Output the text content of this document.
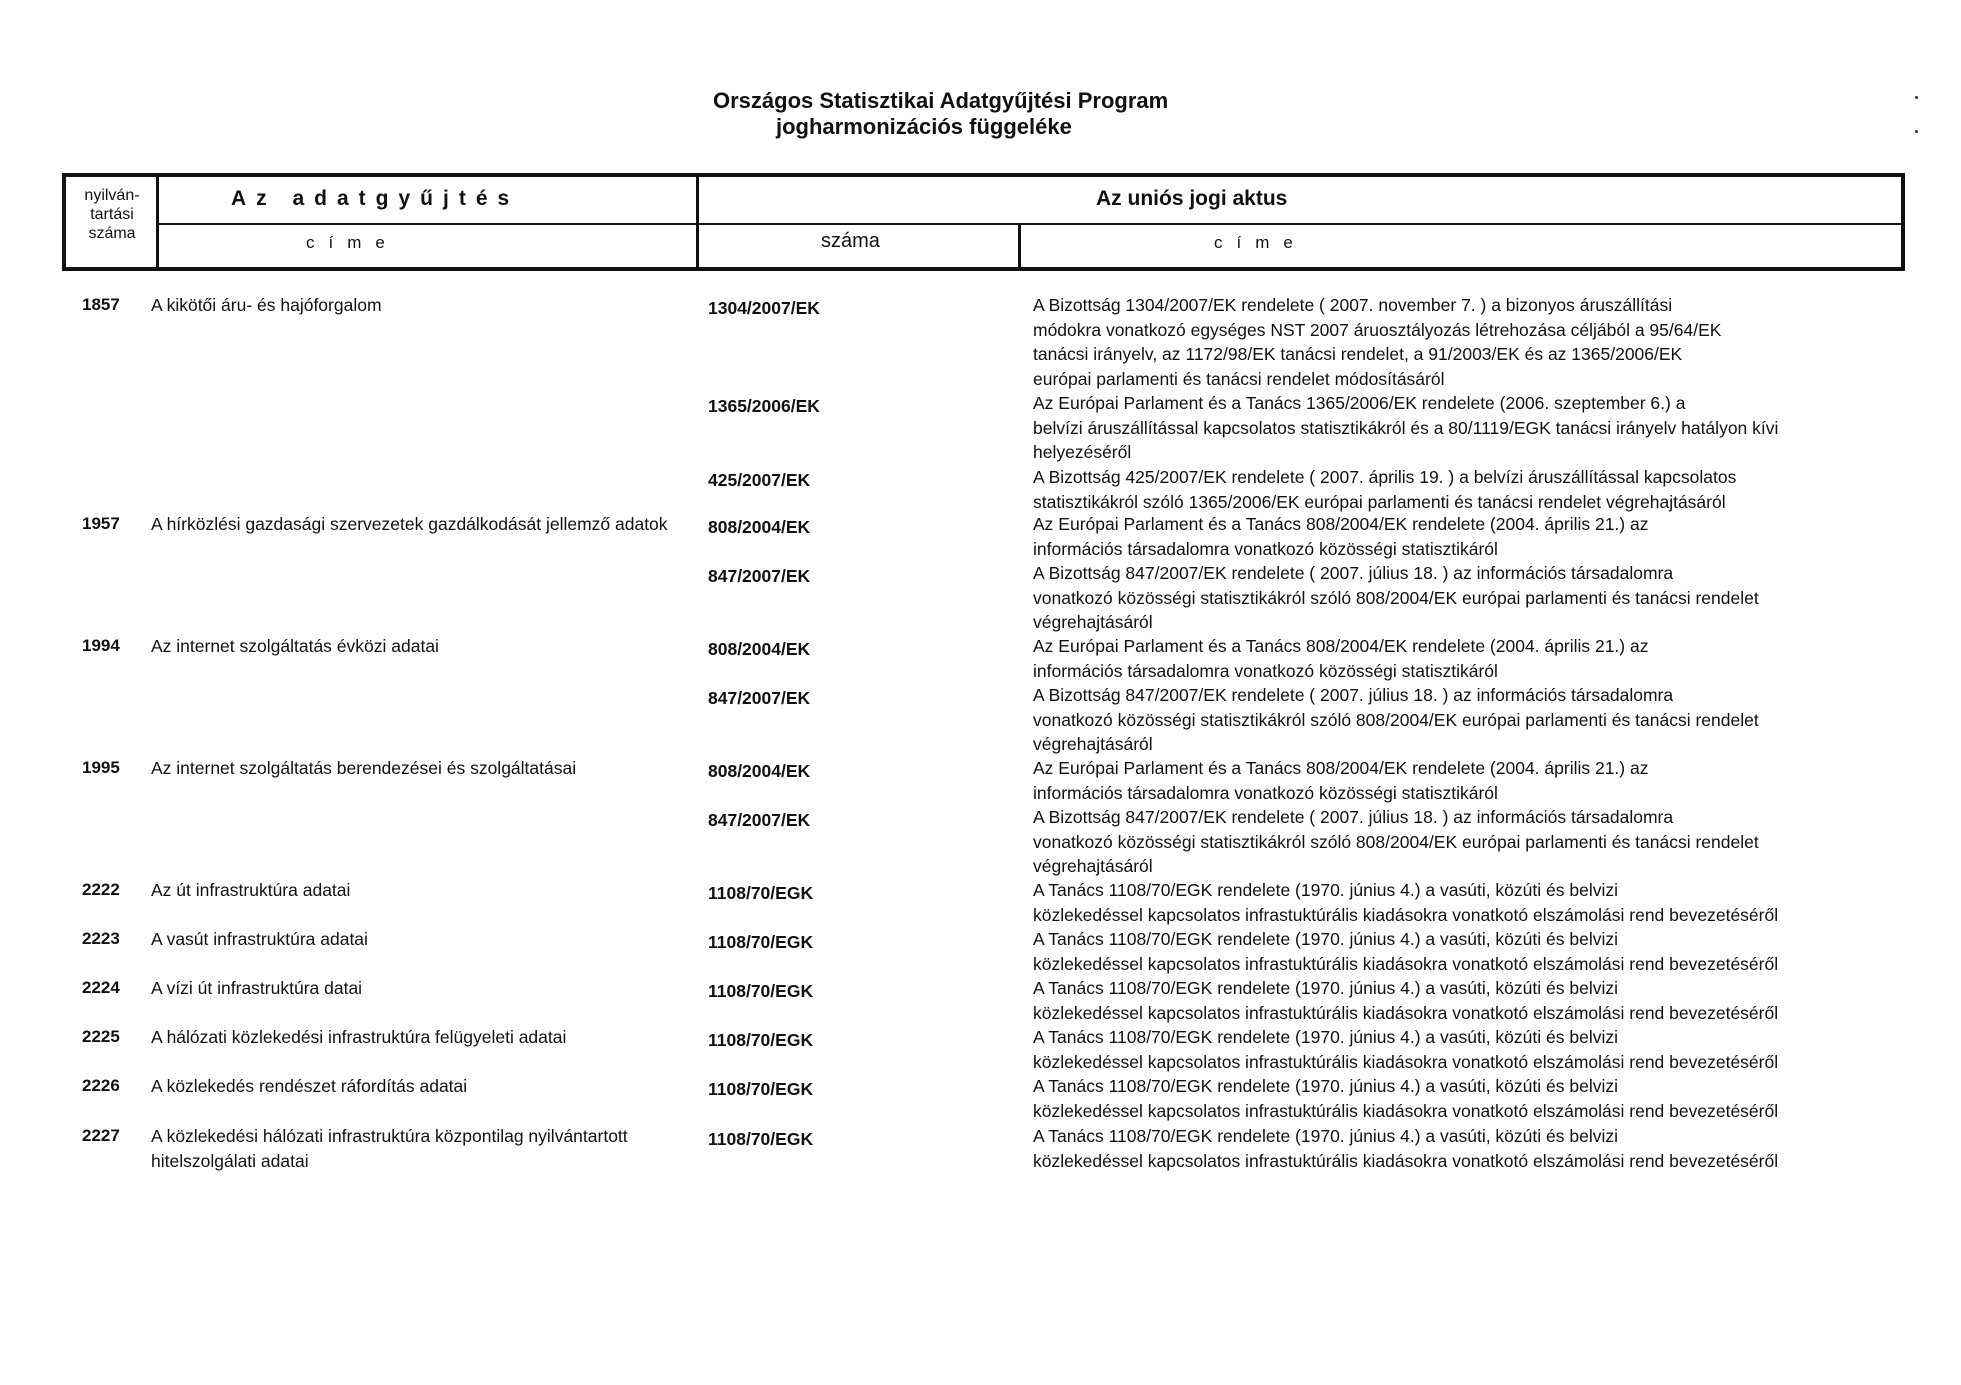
Országos Statisztikai Adatgyűjtési Program
jogharmonizációs függeléke
nyilván-
tartási
száma
Az adatgyűjtés
címe
Az uniós jogi aktus
száma	címe
1857 A kikötői áru- és hajóforgalom	1304/2007/EK	A Bizottság 1304/2007/EK rendelete ( 2007. november 7. ) a bizonyos áruszállítási
módokra vonatkozó egységes NST 2007 áruosztályozás létrehozása céljából a 95/64/EK
tanácsi irányelv, az 1172/98/EK tanácsi rendelet, a 91/2003/EK és az 1365/2006/EK
európai parlamenti és tanácsi rendelet módosításáról
1365/2006/EK	Az Európai Parlament és a Tanács 1365/2006/EK rendelete (2006. szeptember 6.) a
belvízi áruszállítással kapcsolatos statisztikákról és a 80/1119/EGK tanácsi irányelv hatályon kívi
helyezéséről
425/2007/EK	A Bizottság 425/2007/EK rendelete ( 2007. április 19. ) a belvízi áruszállítással kapcsolatos
statisztikákról szóló 1365/2006/EK európai parlamenti és tanácsi rendelet végrehajtásáról
1957 A hírközlési gazdasági szervezetek gazdálkodását jellemző adatok	808/2004/EK	Az Európai Parlament és a Tanács 808/2004/EK rendelete (2004. április 21.) az
információs társadalomra vonatkozó közösségi statisztikáról
847/2007/EK	A Bizottság 847/2007/EK rendelete ( 2007. július 18. ) az információs társadalomra
vonatkozó közösségi statisztikákról szóló 808/2004/EK európai parlamenti és tanácsi rendelet
végrehajtásáról
1994 Az internet szolgáltatás évközi adatai	808/2004/EK	Az Európai Parlament és a Tanács 808/2004/EK rendelete (2004. április 21.) az
információs társadalomra vonatkozó közösségi statisztikáról
847/2007/EK	A Bizottság 847/2007/EK rendelete ( 2007. július 18. ) az információs társadalomra
vonatkozó közösségi statisztikákról szóló 808/2004/EK európai parlamenti és tanácsi rendelet
végrehajtásáról
1995 Az internet szolgáltatás berendezései és szolgáltatásai	808/2004/EK	Az Európai Parlament és a Tanács 808/2004/EK rendelete (2004. április 21.) az
információs társadalomra vonatkozó közösségi statisztikáról
847/2007/EK	A Bizottság 847/2007/EK rendelete ( 2007. július 18. ) az információs társadalomra
vonatkozó közösségi statisztikákról szóló 808/2004/EK európai parlamenti és tanácsi rendelet
végrehajtásáról
2222 Az út infrastruktúra adatai	1108/70/EGK	A Tanács 1108/70/EGK rendelete (1970. június 4.) a vasúti, közúti és belvizi
közlekedéssel kapcsolatos infrastuktúrális kiadásokra vonatkotó elszámolási rend bevezetéséről
2223 A vasút infrastruktúra adatai	1108/70/EGK	A Tanács 1108/70/EGK rendelete (1970. június 4.) a vasúti, közúti és belvizi
közlekedéssel kapcsolatos infrastuktúrális kiadásokra vonatkotó elszámolási rend bevezetéséről
2224 A vízi út infrastruktúra datai	1108/70/EGK	A Tanács 1108/70/EGK rendelete (1970. június 4.) a vasúti, közúti és belvizi
közlekedéssel kapcsolatos infrastuktúrális kiadásokra vonatkotó elszámolási rend bevezetéséről
2225 A hálózati közlekedési infrastruktúra felügyeleti adatai	1108/70/EGK	A Tanács 1108/70/EGK rendelete (1970. június 4.) a vasúti, közúti és belvizi
közlekedéssel kapcsolatos infrastuktúrális kiadásokra vonatkotó elszámolási rend bevezetéséről
2226 A közlekedés rendészet ráfordítás adatai	1108/70/EGK	A Tanács 1108/70/EGK rendelete (1970. június 4.) a vasúti, közúti és belvizi
közlekedéssel kapcsolatos infrastuktúrális kiadásokra vonatkotó elszámolási rend bevezetéséről
2227 A közlekedési hálózati infrastruktúra központilag nyilvántartott hitelszolgálati adatai
1108/70/EGK	A Tanács 1108/70/EGK rendelete (1970. június 4.) a vasúti, közúti és belvizi
közlekedéssel kapcsolatos infrastuktúrális kiadásokra vonatkotó elszámolási rend bevezetéséről
